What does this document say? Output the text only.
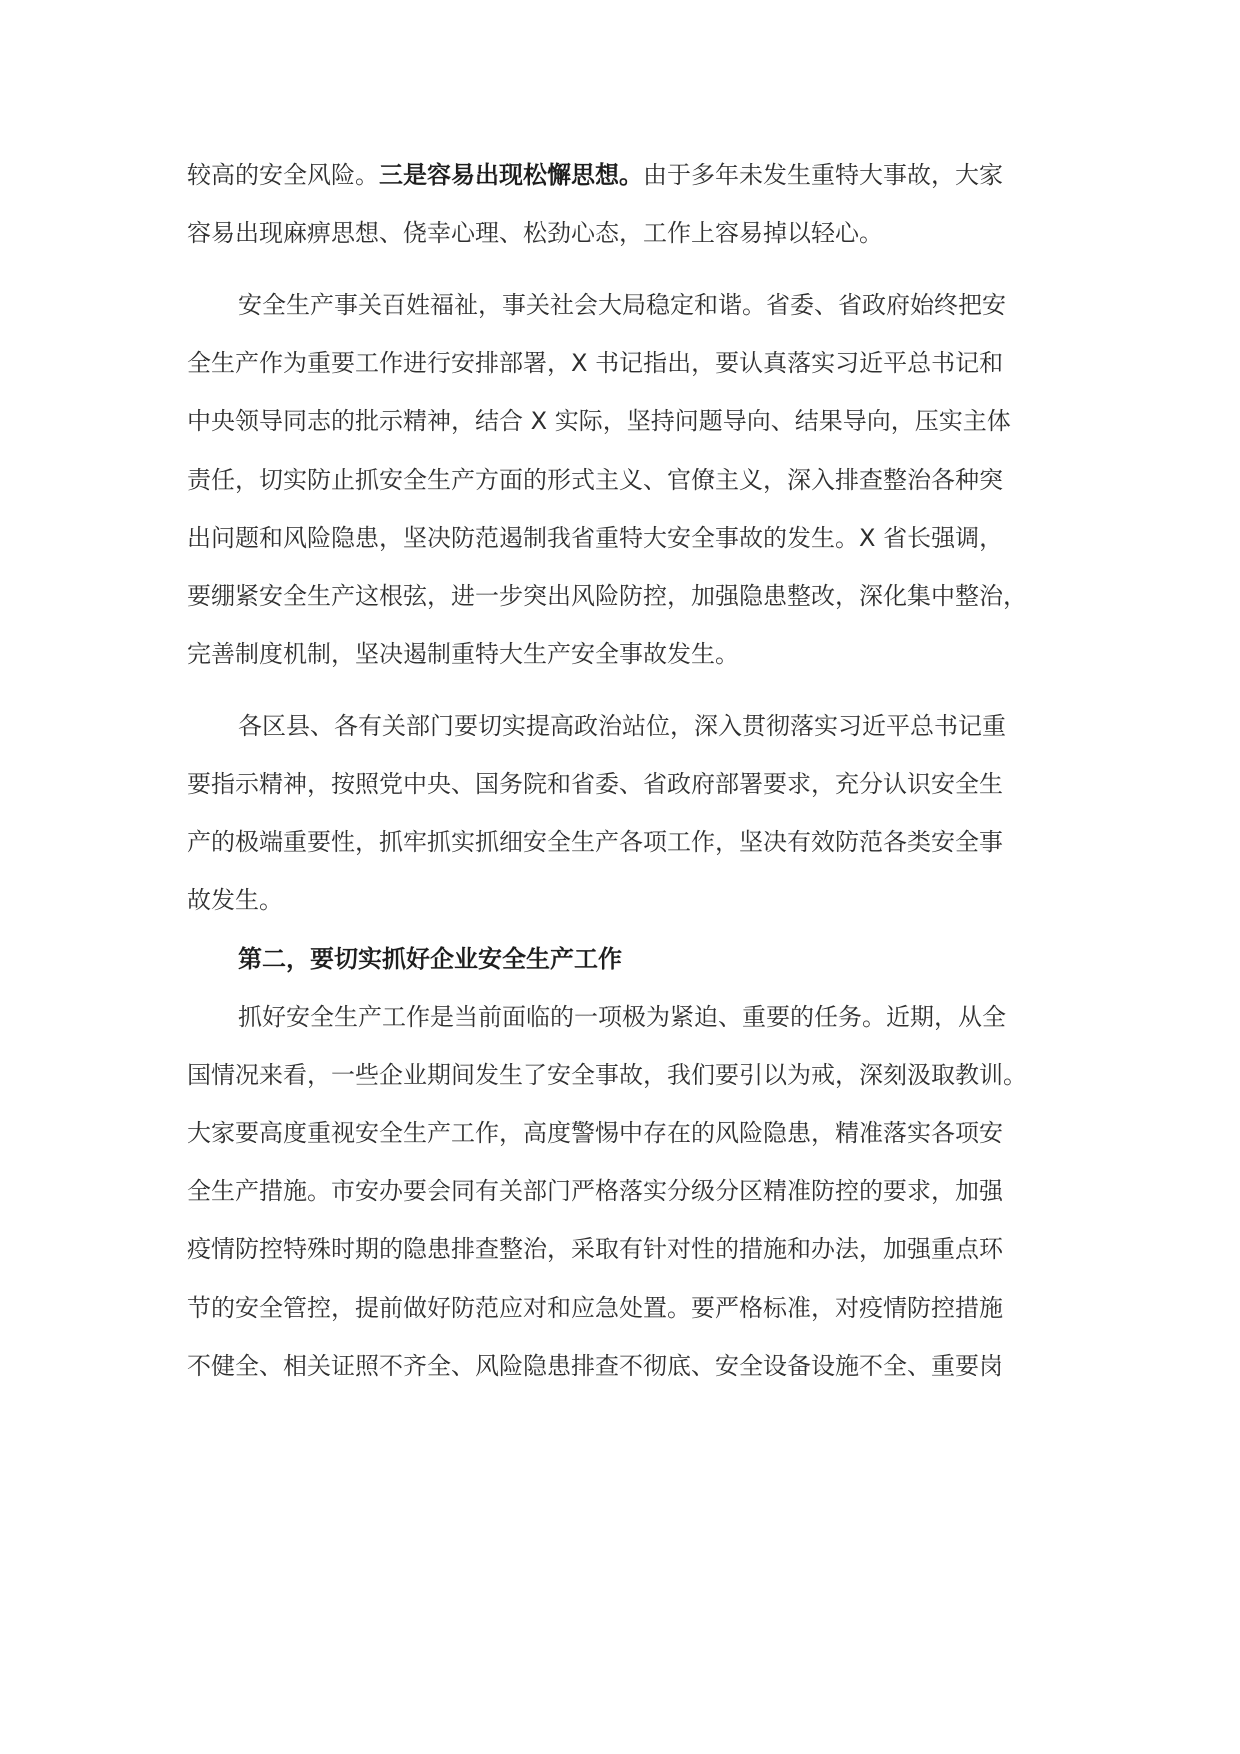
较高的安全风险。三是容易出现松懈思想。由于多年未发生重特大事故，大家
容易出现麻痹思想、侥幸心理、松劲心态，工作上容易掉以轻心。
安全生产事关百姓福祉，事关社会大局稳定和谐。省委、省政府始终把安
全生产作为重要工作进行安排部署，X 书记指出，要认真落实习近平总书记和
中央领导同志的批示精神，结合 X 实际，坚持问题导向、结果导向，压实主体
责任，切实防止抓安全生产方面的形式主义、官僚主义，深入排查整治各种突
出问题和风险隐患，坚决防范遏制我省重特大安全事故的发生。X 省长强调，
要绷紧安全生产这根弦，进一步突出风险防控，加强隐患整改，深化集中整治，
完善制度机制，坚决遏制重特大生产安全事故发生。
各区县、各有关部门要切实提高政治站位，深入贯彻落实习近平总书记重
要指示精神，按照党中央、国务院和省委、省政府部署要求，充分认识安全生
产的极端重要性，抓牢抓实抓细安全生产各项工作，坚决有效防范各类安全事
故发生。
第二，要切实抓好企业安全生产工作
抓好安全生产工作是当前面临的一项极为紧迫、重要的任务。近期，从全
国情况来看，一些企业期间发生了安全事故，我们要引以为戒，深刻汲取教训。
大家要高度重视安全生产工作，高度警惕中存在的风险隐患，精准落实各项安
全生产措施。市安办要会同有关部门严格落实分级分区精准防控的要求，加强
疫情防控特殊时期的隐患排查整治，采取有针对性的措施和办法，加强重点环
节的安全管控，提前做好防范应对和应急处置。要严格标准，对疫情防控措施
不健全、相关证照不齐全、风险隐患排查不彻底、安全设备设施不全、重要岗
